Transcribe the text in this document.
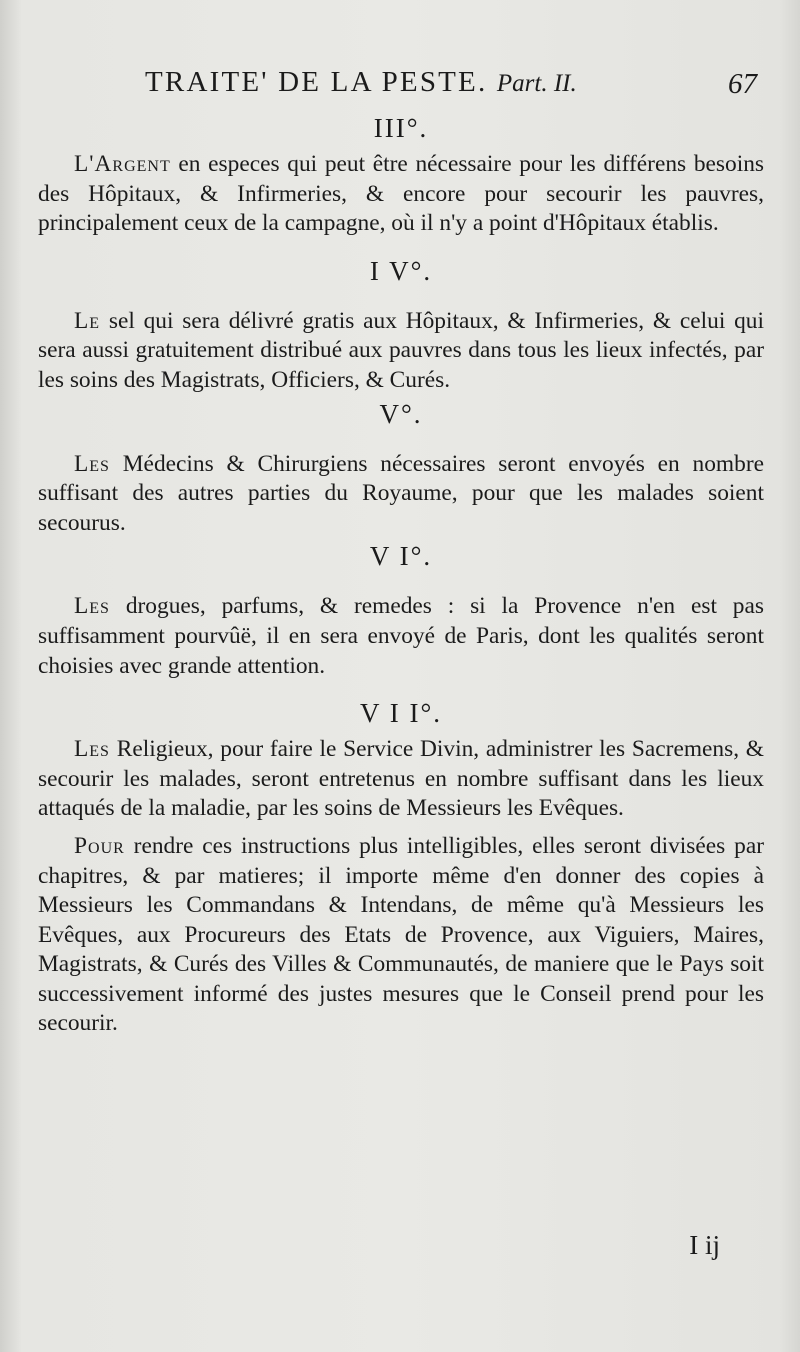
TRAITE' DE LA PESTE. Part. II.	67
III°.

L'Argent en especes qui peut être nécessaire pour les différens besoins des Hôpitaux, & Infirmeries, & encore pour secourir les pauvres, principalement ceux de la campagne, où il n'y a point d'Hôpitaux établis.

I V°.

Le sel qui sera délivré gratis aux Hôpitaux, & Infirmeries, & celui qui sera aussi gratuitement distribué aux pauvres dans tous les lieux infectés, par les soins des Magistrats, Officiers, & Curés.

V°.

Les Médecins & Chirurgiens nécessaires seront envoyés en nombre suffisant des autres parties du Royaume, pour que les malades soient secourus.

V I°.

Les drogues, parfums, & remedes : si la Provence n'en est pas suffisamment pourvûë, il en sera envoyé de Paris, dont les qualités seront choisies avec grande attention.

V I I°.

Les Religieux, pour faire le Service Divin, administrer les Sacremens, & secourir les malades, seront entretenus en nombre suffisant dans les lieux attaqués de la maladie, par les soins de Messieurs les Evêques.

Pour rendre ces instructions plus intelligibles, elles seront divisées par chapitres, & par matieres; il importe même d'en donner des copies à Messieurs les Commandans & Intendans, de même qu'à Messieurs les Evêques, aux Procureurs des Etats de Provence, aux Viguiers, Maires, Magistrats, & Curés des Villes & Communautés, de maniere que le Pays soit successivement informé des justes mesures que le Conseil prend pour les secourir.

I ij
